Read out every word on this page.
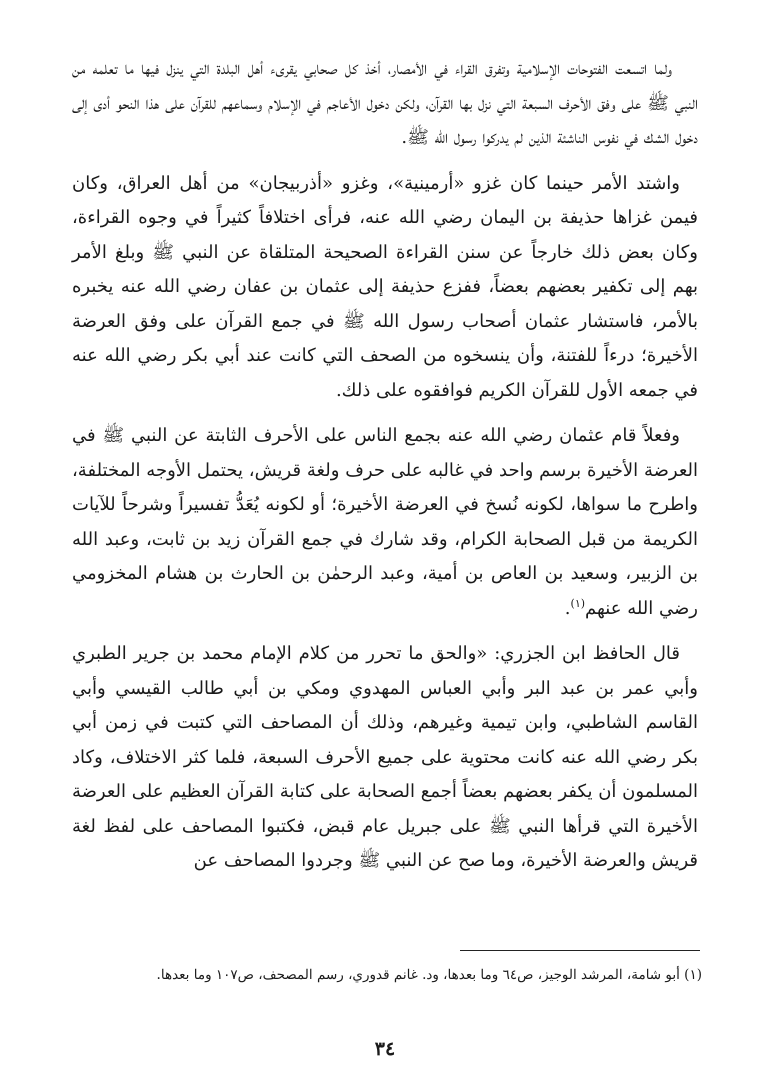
ولما اتسعت الفتوحات الإسلامية وتفرق القراء في الأمصار، أخذ كل صحابي يقرىء أهل البلدة التي ينزل فيها ما تعلمه من النبي ﷺ على وفق الأحرف السبعة التي نزل بها القرآن، ولكن دخول الأعاجم في الإسلام وسماعهم للقرآن على هذا النحو أدى إلى دخول الشك في نفوس الناشئة الذين لم يدركوا رسول الله ﷺ.

واشتد الأمر حينما كان غزو «أرمينية»، وغزو «أذربيجان» من أهل العراق، وكان فيمن غزاها حذيفة بن اليمان رضي الله عنه، فرأى اختلافاً كثيراً في وجوه القراءة، وكان بعض ذلك خارجاً عن سنن القراءة الصحيحة المتلقاة عن النبي ﷺ وبلغ الأمر بهم إلى تكفير بعضهم بعضاً، ففزع حذيفة إلى عثمان بن عفان رضي الله عنه يخبره بالأمر، فاستشار عثمان أصحاب رسول الله ﷺ في جمع القرآن على وفق العرضة الأخيرة؛ درءاً للفتنة، وأن ينسخوه من الصحف التي كانت عند أبي بكر رضي الله عنه في جمعه الأول للقرآن الكريم فوافقوه على ذلك.

وفعلاً قام عثمان رضي الله عنه بجمع الناس على الأحرف الثابتة عن النبي ﷺ في العرضة الأخيرة برسم واحد في غالبه على حرف ولغة قريش، يحتمل الأوجه المختلفة، واطرح ما سواها، لكونه نُسخ في العرضة الأخيرة؛ أو لكونه يُعَدُّ تفسيراً وشرحاً للآيات الكريمة من قبل الصحابة الكرام، وقد شارك في جمع القرآن زيد بن ثابت، وعبد الله بن الزبير، وسعيد بن العاص بن أمية، وعبد الرحمٰن بن الحارث بن هشام المخزومي رضي الله عنهم$^{(١)}$.

قال الحافظ ابن الجزري: «والحق ما تحرر من كلام الإمام محمد بن جرير الطبري وأبي عمر بن عبد البر وأبي العباس المهدوي ومكي بن أبي طالب القيسي وأبي القاسم الشاطبي، وابن تيمية وغيرهم، وذلك أن المصاحف التي كتبت في زمن أبي بكر رضي الله عنه كانت محتوية على جميع الأحرف السبعة، فلما كثر الاختلاف، وكاد المسلمون أن يكفر بعضهم بعضاً أجمع الصحابة على كتابة القرآن العظيم على العرضة الأخيرة التي قرأها النبي ﷺ على جبريل عام قبض، فكتبوا المصاحف على لفظ لغة قريش والعرضة الأخيرة، وما صح عن النبي ﷺ وجردوا المصاحف عن

(١) أبو شامة، المرشد الوجيز، ص٦٤ وما بعدها، ود. غانم قدوري، رسم المصحف، ص١٠٧ وما بعدها.
٣٤
